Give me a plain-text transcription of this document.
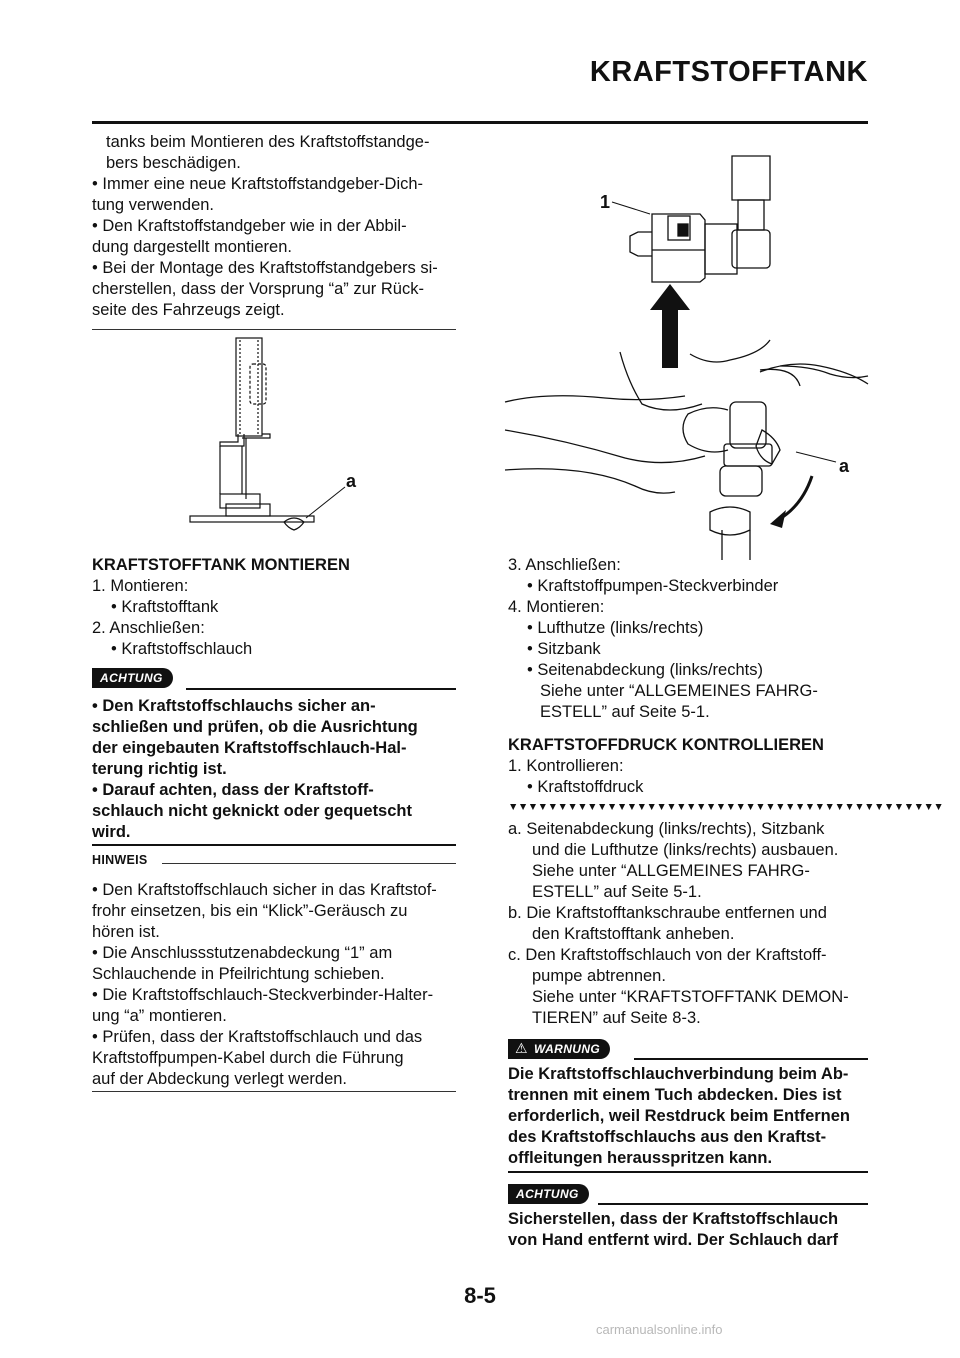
KRAFTSTOFFTANK

tanks beim Montieren des Kraftstoffstandge-

bers beschädigen.

• Immer eine neue Kraftstoffstandgeber-Dich-

tung verwenden.

• Den Kraftstoffstandgeber wie in der Abbil-

dung dargestellt montieren.

• Bei der Montage des Kraftstoffstandgebers si-

cherstellen, dass der Vorsprung “a” zur Rück-

seite des Fahrzeugs zeigt.

a

KRAFTSTOFFTANK MONTIEREN

1. Montieren:

• Kraftstofftank

2. Anschließen:

• Kraftstoffschlauch

ACHTUNG

• Den Kraftstoffschlauchs sicher an-

schließen und prüfen, ob die Ausrichtung

der eingebauten Kraftstoffschlauch-Hal-

terung richtig ist.

• Darauf achten, dass der Kraftstoff-

schlauch nicht geknickt oder gequetscht

wird.

HINWEIS

• Den Kraftstoffschlauch sicher in das Kraftstof-

frohr einsetzen, bis ein “Klick”-Geräusch zu

hören ist.

• Die Anschlussstutzenabdeckung “1” am

Schlauchende in Pfeilrichtung schieben.

• Die Kraftstoffschlauch-Steckverbinder-Halter-

ung “a” montieren.

• Prüfen, dass der Kraftstoffschlauch und das

Kraftstoffpumpen-Kabel durch die Führung

auf der Abdeckung verlegt werden.

1
a

3. Anschließen:

• Kraftstoffpumpen-Steckverbinder

4. Montieren:

• Lufthutze (links/rechts)

• Sitzbank

• Seitenabdeckung (links/rechts)

Siehe unter “ALLGEMEINES FAHRG-

ESTELL” auf Seite 5-1.

KRAFTSTOFFDRUCK KONTROLLIEREN

1. Kontrollieren:

• Kraftstoffdruck

▼▼▼▼▼▼▼▼▼▼▼▼▼▼▼▼▼▼▼▼▼▼▼▼▼▼▼▼▼▼▼▼▼▼▼▼▼▼▼▼▼▼▼▼

a. Seitenabdeckung (links/rechts), Sitzbank

und die Lufthutze (links/rechts) ausbauen.

Siehe unter “ALLGEMEINES FAHRG-

ESTELL” auf Seite 5-1.

b. Die Kraftstofftankschraube entfernen und

den Kraftstofftank anheben.

c. Den Kraftstoffschlauch von der Kraftstoff-

pumpe abtrennen.

Siehe unter “KRAFTSTOFFTANK DEMON-

TIEREN” auf Seite 8-3.

⚠ WARNUNG

Die Kraftstoffschlauchverbindung beim Ab-

trennen mit einem Tuch abdecken. Dies ist

erforderlich, weil Restdruck beim Entfernen

des Kraftstoffschlauchs aus den Kraftst-

offleitungen herausspritzen kann.

ACHTUNG

Sicherstellen, dass der Kraftstoffschlauch

von Hand entfernt wird. Der Schlauch darf

8-5
carmanualsonline.info
